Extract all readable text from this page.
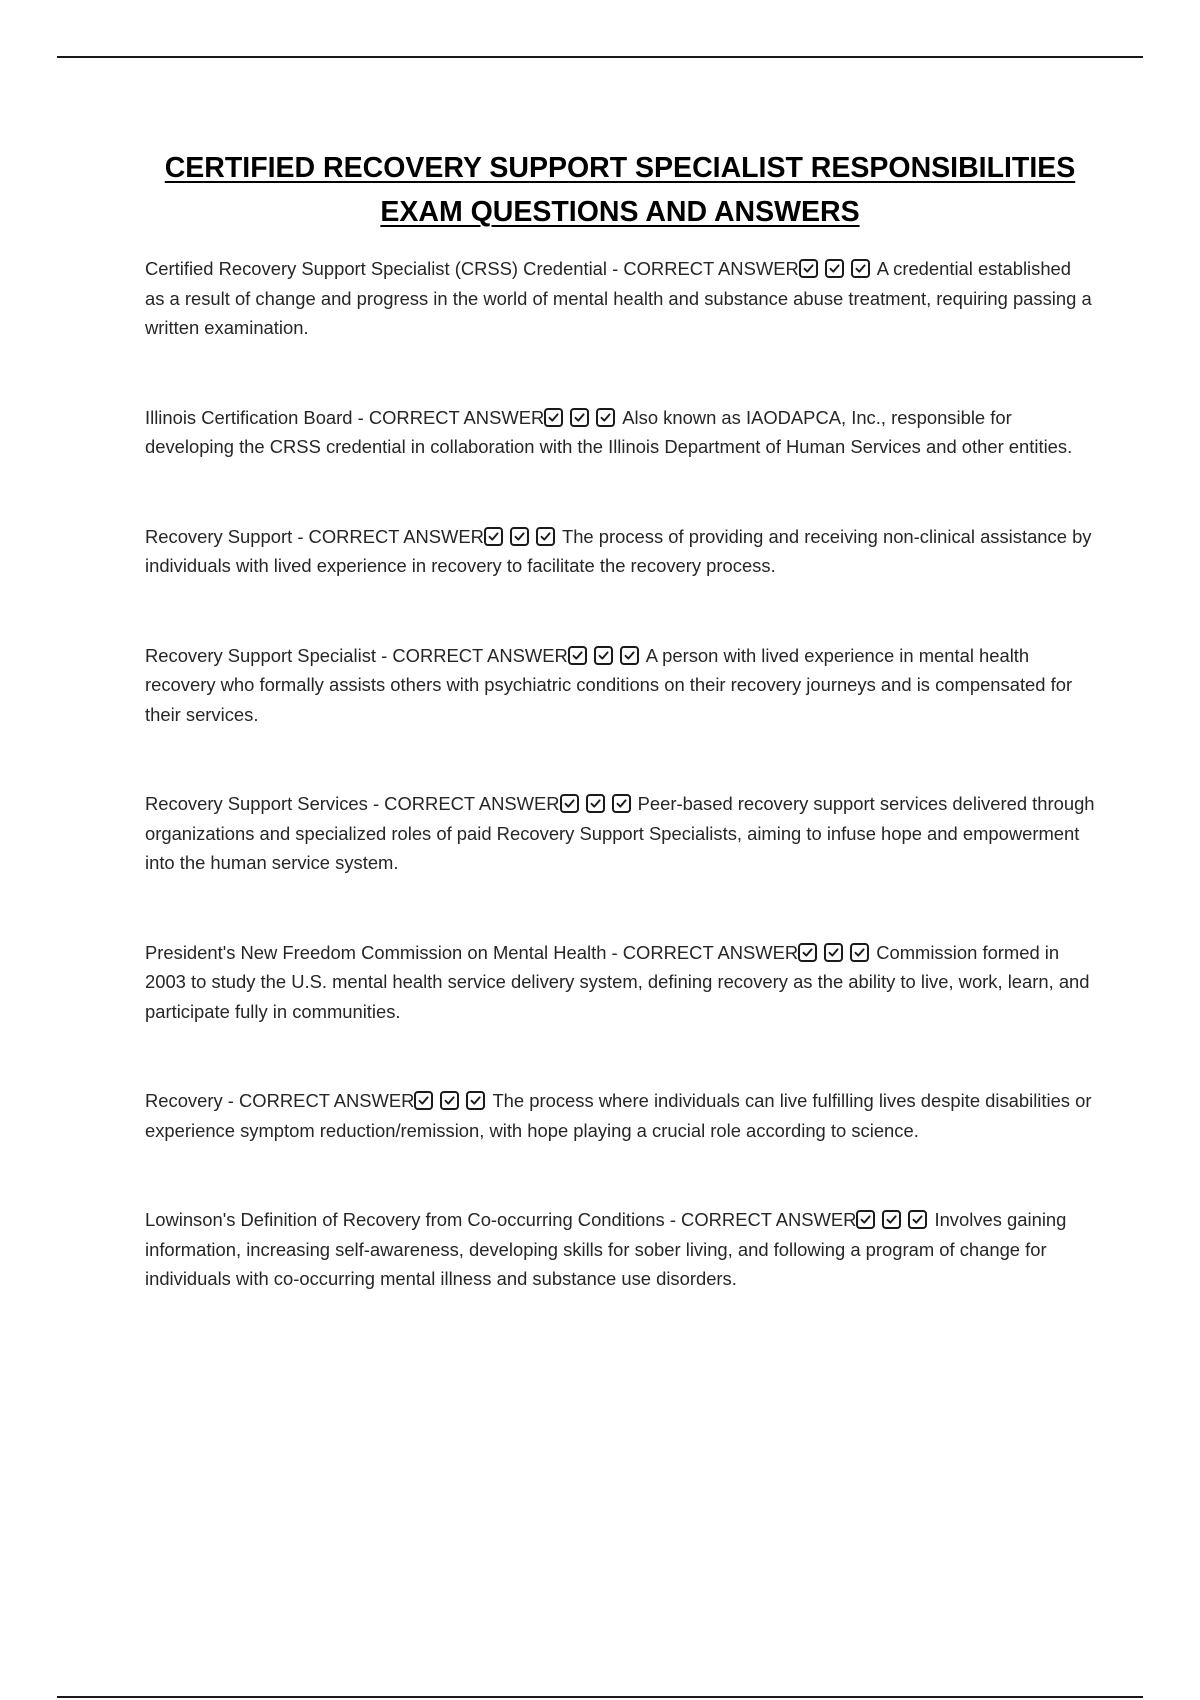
CERTIFIED RECOVERY SUPPORT SPECIALIST RESPONSIBILITIES
EXAM QUESTIONS AND ANSWERS
Certified Recovery Support Specialist (CRSS) Credential - CORRECT ANSWER	A credential established as a result of change and progress in the world of mental health and substance abuse treatment, requiring passing a written examination.
Illinois Certification Board - CORRECT ANSWER	Also known as IAODAPCA, Inc., responsible for developing the CRSS credential in collaboration with the Illinois Department of Human Services and other entities.
Recovery Support - CORRECT ANSWER	The process of providing and receiving non-clinical assistance by individuals with lived experience in recovery to facilitate the recovery process.
Recovery Support Specialist - CORRECT ANSWER	A person with lived experience in mental health recovery who formally assists others with psychiatric conditions on their recovery journeys and is compensated for their services.
Recovery Support Services - CORRECT ANSWER	Peer-based recovery support services delivered through organizations and specialized roles of paid Recovery Support Specialists, aiming to infuse hope and empowerment into the human service system.
President's New Freedom Commission on Mental Health - CORRECT ANSWER	Commission formed in 2003 to study the U.S. mental health service delivery system, defining recovery as the ability to live, work, learn, and participate fully in communities.
Recovery - CORRECT ANSWER	The process where individuals can live fulfilling lives despite disabilities or experience symptom reduction/remission, with hope playing a crucial role according to science.
Lowinson's Definition of Recovery from Co-occurring Conditions - CORRECT ANSWER	Involves gaining information, increasing self-awareness, developing skills for sober living, and following a program of change for individuals with co-occurring mental illness and substance use disorders.
